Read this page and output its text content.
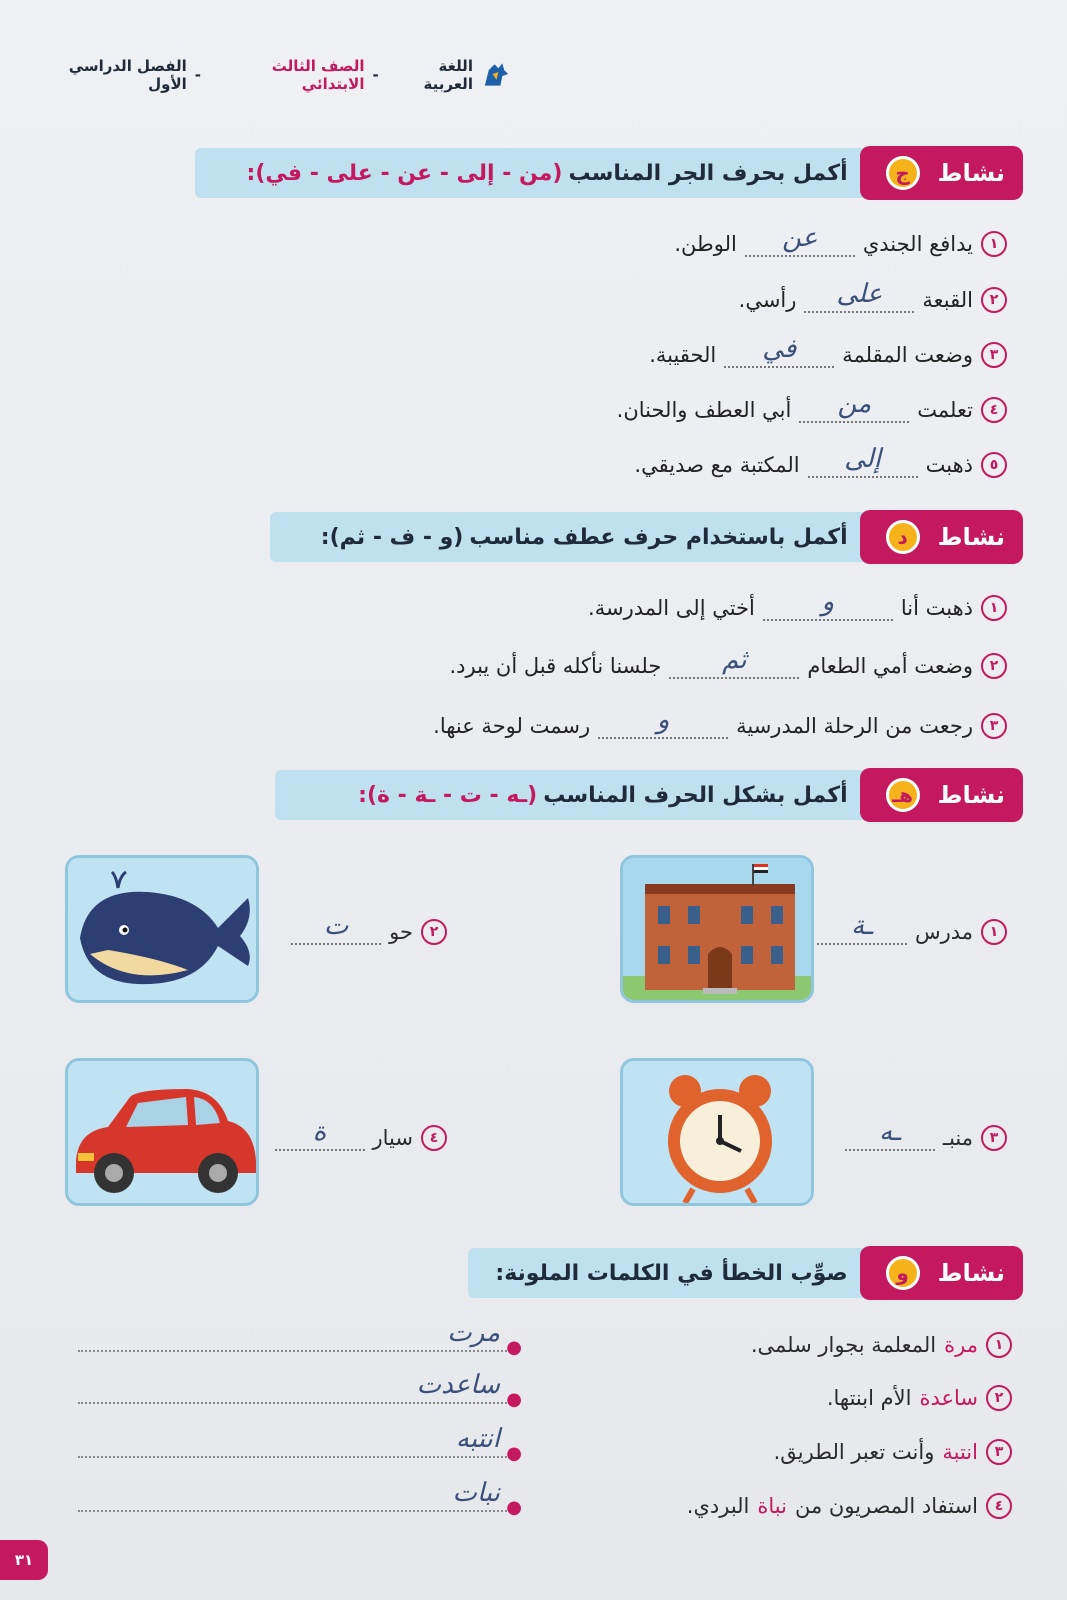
اللغة العربية
-
الصف الثالث الابتدائي
-
الفصل الدراسي الأول
نشاط
ج
أكمل بحرف الجر المناسب
(من - إلى - عن - على - في):
١
يدافع الجندي
عن
الوطن.
٢
القبعة
على
رأسي.
٣
وضعت المقلمة
في
الحقيبة.
٤
تعلمت
من
أبي العطف والحنان.
٥
ذهبت
إلى
المكتبة مع صديقي.
نشاط
د
أكمل باستخدام حرف عطف مناسب
(و - ف - ثم):
١
ذهبت أنا
و
أختي إلى المدرسة.
٢
وضعت أمي الطعام
ثم
جلسنا نأكله قبل أن يبرد.
٣
رجعت من الرحلة المدرسية
و
رسمت لوحة عنها.
نشاط
هـ
أكمل بشكل الحرف المناسب
(ـه - ت - ـة - ة):
١
مدرس
ـة
٢
حو
ت
٣
منبـ
ـه
٤
سيار
ة
نشاط
و
صوِّب الخطأ في الكلمات الملونة:
١
مرة
المعلمة بجوار سلمى.
●
مرت
٢
ساعدة
الأم ابنتها.
●
ساعدت
٣
انتبة
وأنت تعبر الطريق.
●
انتبه
٤
استفاد المصريون من
نباة
البردي.
●
نبات
٣١
